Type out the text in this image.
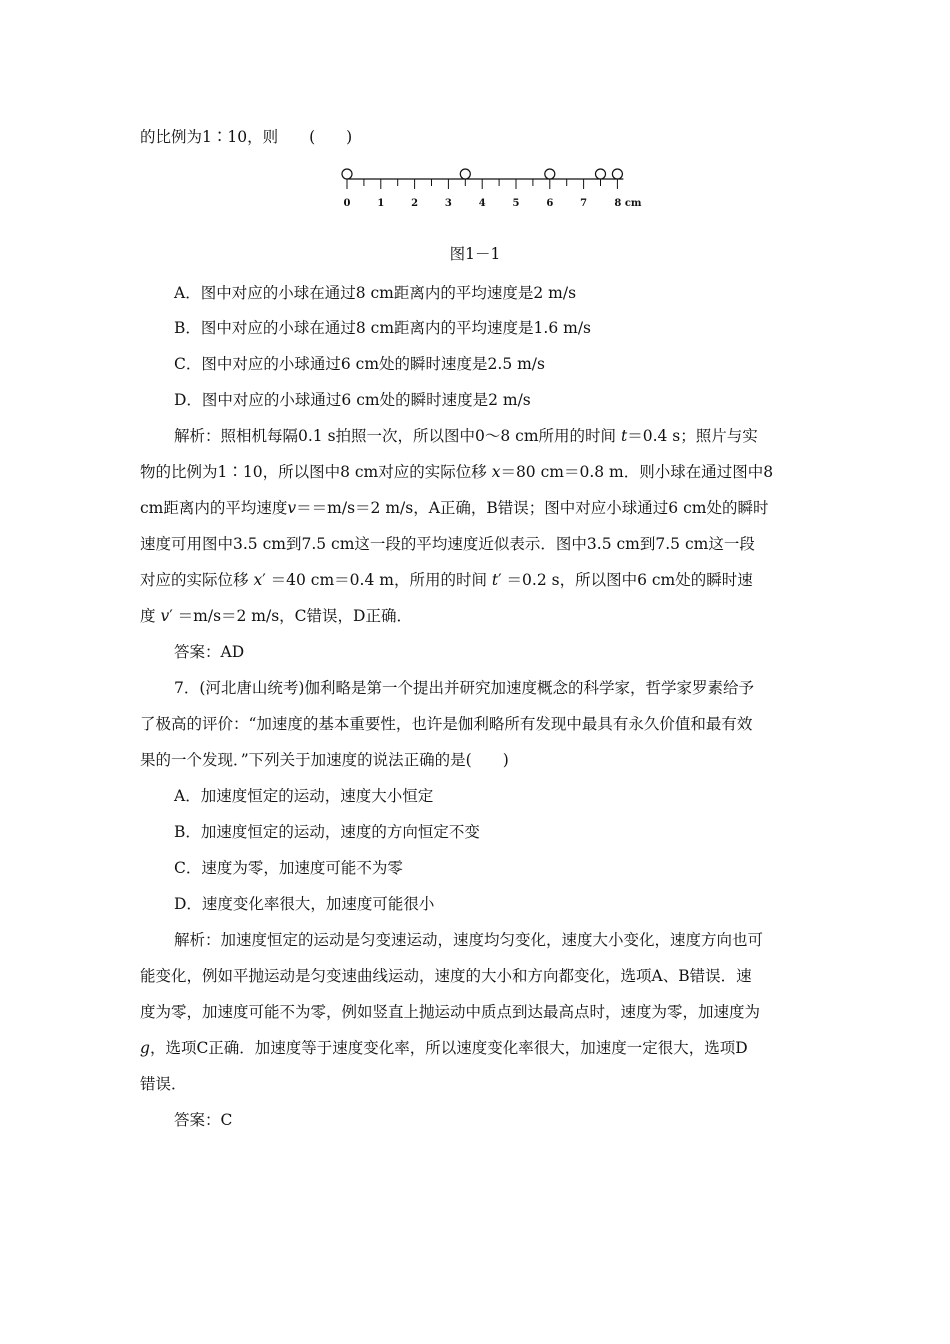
的比例为1∶10，则　　(　　)
0	1	2	3	4	5	6	7	8 cm
图1－1
A．图中对应的小球在通过8 cm距离内的平均速度是2 m/s
B．图中对应的小球在通过8 cm距离内的平均速度是1.6 m/s
C．图中对应的小球通过6 cm处的瞬时速度是2.5 m/s
D．图中对应的小球通过6 cm处的瞬时速度是2 m/s
解析：照相机每隔0.1 s拍照一次，所以图中0～8 cm所用的时间 t＝0.4 s；照片与实
物的比例为1∶10，所以图中8 cm对应的实际位移 x＝80 cm＝0.8 m．则小球在通过图中8
cm距离内的平均速度v＝＝m/s＝2 m/s，A正确，B错误；图中对应小球通过6 cm处的瞬时
速度可用图中3.5 cm到7.5 cm这一段的平均速度近似表示．图中3.5 cm到7.5 cm这一段
对应的实际位移 x′ ＝40 cm＝0.4 m，所用的时间 t′ ＝0.2 s，所以图中6 cm处的瞬时速
度 v′ ＝m/s＝2 m/s，C错误，D正确．
答案：AD
7．(河北唐山统考)伽利略是第一个提出并研究加速度概念的科学家，哲学家罗素给予
了极高的评价：“加速度的基本重要性，也许是伽利略所有发现中最具有永久价值和最有效
果的一个发现．”下列关于加速度的说法正确的是(　　)
A．加速度恒定的运动，速度大小恒定
B．加速度恒定的运动，速度的方向恒定不变
C．速度为零，加速度可能不为零
D．速度变化率很大，加速度可能很小
解析：加速度恒定的运动是匀变速运动，速度均匀变化，速度大小变化，速度方向也可
能变化，例如平抛运动是匀变速曲线运动，速度的大小和方向都变化，选项A、B错误．速
度为零，加速度可能不为零，例如竖直上抛运动中质点到达最高点时，速度为零，加速度为
g，选项C正确．加速度等于速度变化率，所以速度变化率很大，加速度一定很大，选项D
错误．
答案：C
